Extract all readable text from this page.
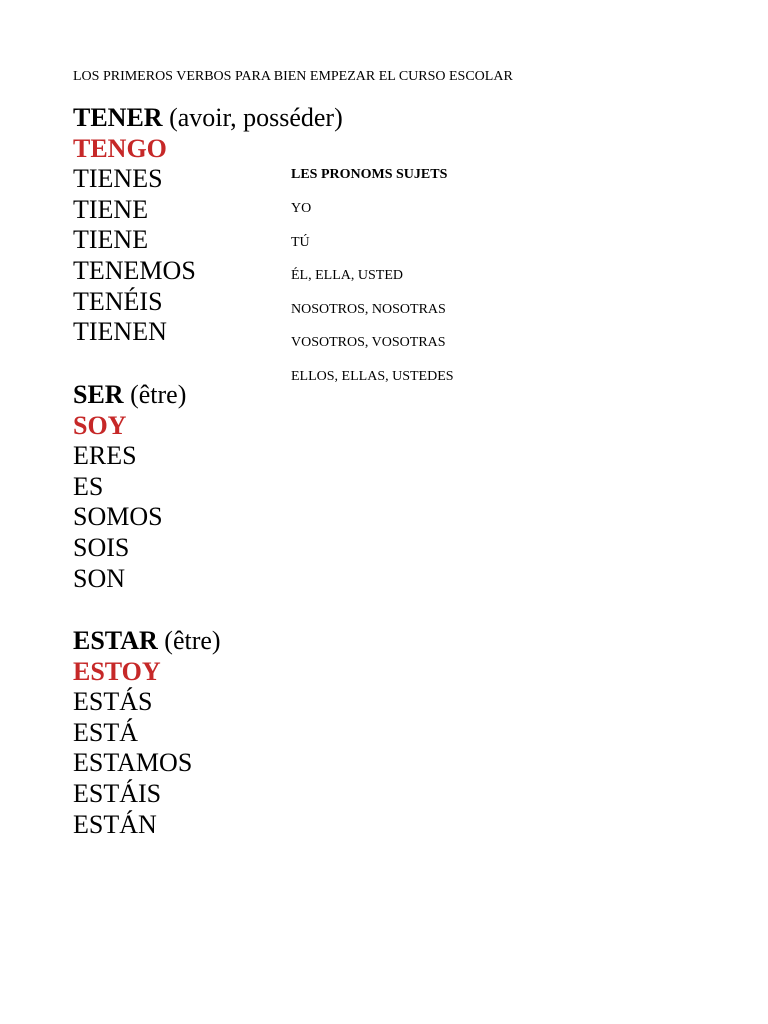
LOS PRIMEROS VERBOS PARA BIEN EMPEZAR EL CURSO ESCOLAR
TENER (avoir, posséder)
TENGO
TIENES
TIENE
TIENE
TENEMOS
TENÉIS
TIENEN
SER (être)
SOY
ERES
ES
SOMOS
SOIS
SON
ESTAR (être)
ESTOY
ESTÁS
ESTÁ
ESTAMOS
ESTÁIS
ESTÁN
LES PRONOMS SUJETS
YO
TÚ
ÉL, ELLA, USTED
NOSOTROS, NOSOTRAS
VOSOTROS, VOSOTRAS
ELLOS, ELLAS, USTEDES
